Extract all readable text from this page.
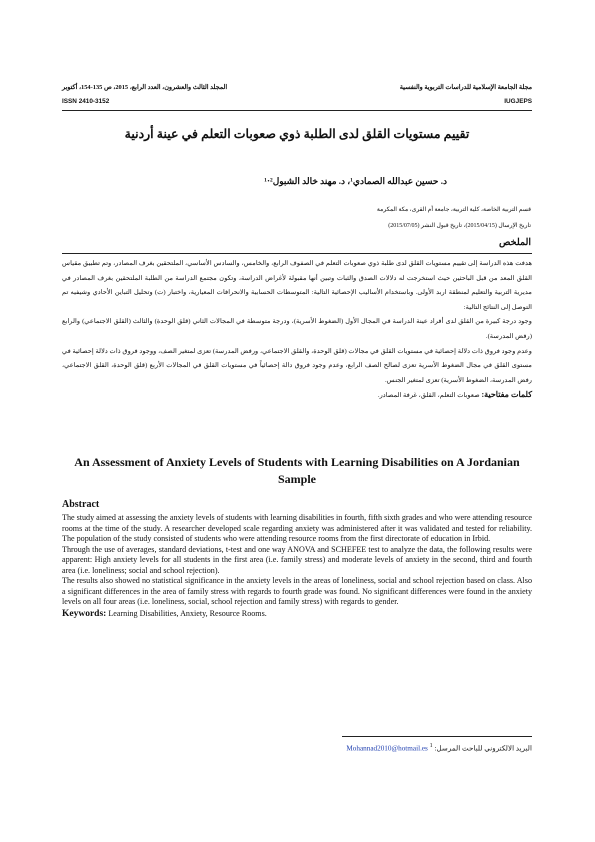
مجلة الجامعة الإسلامية للدراسات التربوية والنفسية
المجلد الثالث والعشرون، العدد الرابع، 2015، ص 135-154، أكتوبر
ISSN 2410-3152	IUGJEPS
تقييم مستويات القلق لدى الطلبة ذوي صعوبات التعلم في عينة أردنية
د. حسين عبدالله الصمادي¹، د. مهند خالد الشبول²·¹
قسم التربية الخاصة، كلية التربية، جامعة أم القرى، مكة المكرمة
تاريخ الإرسال (2015/04/15)، تاريخ قبول النشر (2015/07/05)
الملخص
هدفت هذه الدراسة إلى تقييم مستويات القلق لدى طلبة ذوي صعوبات التعلم في الصفوف الرابع، والخامس، والسادس الأساسي، الملتحقين بغرف المصادر، وتم تطبيق مقياس القلق المعد من قبل الباحثين حيث استخرجت له دلالات الصدق والثبات وتبين أنها مقبولة لأغراض الدراسة، وتكون مجتمع الدراسة من الطلبة الملتحقين بغرف المصادر في مديرية التربية والتعليم لمنطقة اربد الأولى. وباستخدام الأساليب الإحصائية التالية: المتوسطات الحسابية والانحرافات المعيارية، واختبار (ت) وتحليل التباين الأحادي وشيفيه تم التوصل إلى النتائج التالية:
وجود درجة كبيرة من القلق لدى أفراد عينة الدراسة في المجال الأول (الضغوط الأسرية)، ودرجة متوسطة في المجالات الثاني (قلق الوحدة) والثالث (القلق الاجتماعي) والرابع (رفض المدرسة).
وعدم وجود فروق ذات دلالة إحصائية في مستويات القلق في مجالات (قلق الوحدة، والقلق الاجتماعي، ورفض المدرسة) تعزى لمتغير الصف، ووجود فروق ذات دلالة إحصائية في مستوى القلق في مجال الضغوط الأسرية تعزى لصالح الصف الرابع، وعدم وجود فروق دالة إحصائياً في مستويات القلق في المجالات الأربع (قلق الوحدة، القلق الاجتماعي، رفض المدرسة، الضغوط الأسرية) تعزى لمتغير الجنس.
كلمات مفتاحية: صعوبات التعلم، القلق، غرفة المصادر.
An Assessment of Anxiety Levels of Students with Learning Disabilities on A Jordanian Sample
Abstract

The study aimed at assessing the anxiety levels of students with learning disabilities in fourth, fifth sixth grades and who were attending resource rooms at the time of the study. A researcher developed scale regarding anxiety was administered after it was validated and tested for reliability. The population of the study consisted of students who were attending resource rooms from the first directorate of education in Irbid.

Through the use of averages, standard deviations, t-test and one way ANOVA and SCHEFEE test to analyze the data, the following results were apparent: High anxiety levels for all students in the first area (i.e. family stress) and moderate levels of anxiety in the second, third and fourth area (i.e. loneliness; social and school rejection).

The results also showed no statistical significance in the anxiety levels in the areas of loneliness, social and school rejection based on class. Also a significant differences in the area of family stress with regards to fourth grade was found. No significant differences were found in the anxiety levels on all four areas (i.e. loneliness, social, school rejection and family stress) with regards to gender.

Keywords: Learning Disabilities, Anxiety, Resource Rooms.
Mohannad2010@hotmail.es البريد الالكتروني للباحث المرسل: $^1$
